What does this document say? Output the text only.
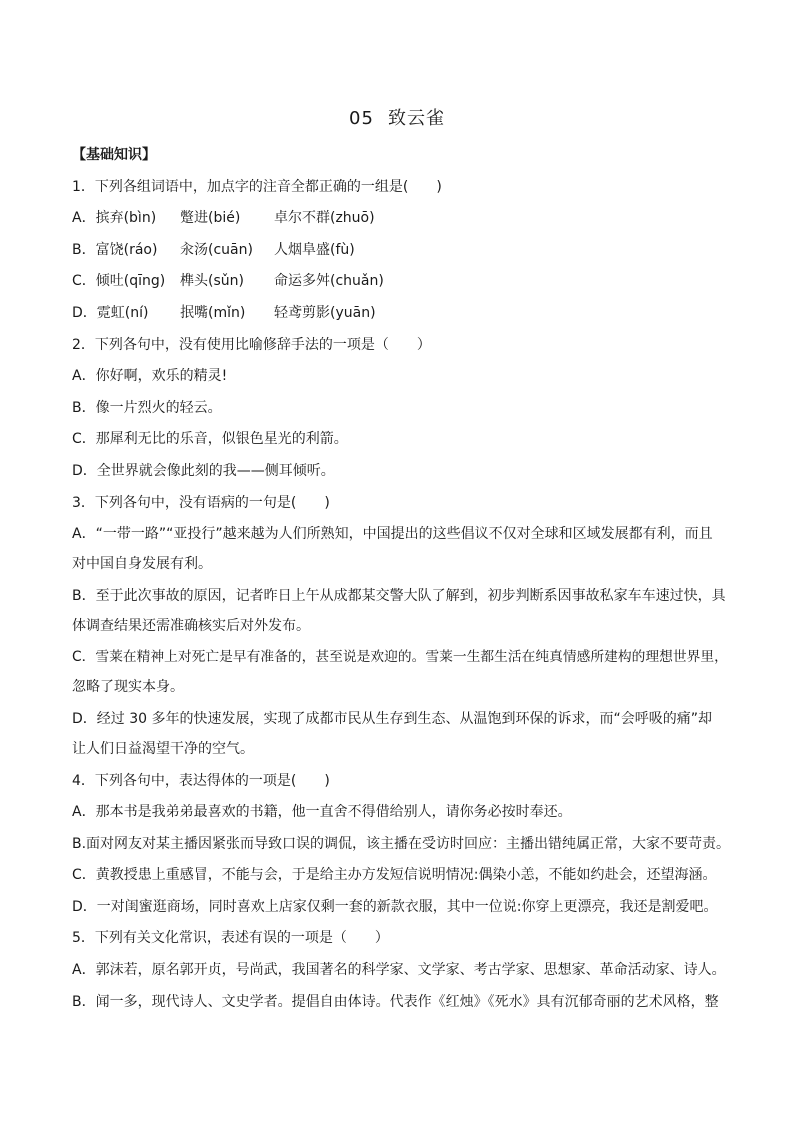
05 致云雀
【基础知识】
1．下列各组词语中，加点字的注音全都正确的一组是(　　)
A．摈弃(bìn) 蹩进(bié) 卓尔不群(zhuō)
B．富饶(ráo) 汆汤(cuān) 人烟阜盛(fù)
C．倾吐(qīng) 榫头(sǔn) 命运多舛(chuǎn)
D．霓虹(ní) 抿嘴(mǐn) 轻鸢剪影(yuān)
2．下列各句中，没有使用比喻修辞手法的一项是（　　）
A．你好啊，欢乐的精灵!
B．像一片烈火的轻云。
C．那犀利无比的乐音，似银色星光的利箭。
D．全世界就会像此刻的我——侧耳倾听。
3．下列各句中，没有语病的一句是(　　)
A．“一带一路”“亚投行”越来越为人们所熟知，中国提出的这些倡议不仅对全球和区域发展都有利，而且
对中国自身发展有利。
B．至于此次事故的原因，记者昨日上午从成都某交警大队了解到，初步判断系因事故私家车车速过快，具
体调查结果还需准确核实后对外发布。
C．雪莱在精神上对死亡是早有准备的，甚至说是欢迎的。雪莱一生都生活在纯真情感所建构的理想世界里，
忽略了现实本身。
D．经过 30 多年的快速发展，实现了成都市民从生存到生态、从温饱到环保的诉求，而“会呼吸的痛”却
让人们日益渴望干净的空气。
4．下列各句中，表达得体的一项是(　　)
A．那本书是我弟弟最喜欢的书籍，他一直舍不得借给别人，请你务必按时奉还。
B.面对网友对某主播因紧张而导致口误的调侃，该主播在受访时回应：主播出错纯属正常，大家不要苛责。
C．黄教授患上重感冒，不能与会，于是给主办方发短信说明情况:偶染小恙，不能如约赴会，还望海涵。
D．一对闺蜜逛商场，同时喜欢上店家仅剩一套的新款衣服，其中一位说:你穿上更漂亮，我还是割爱吧。
5．下列有关文化常识，表述有误的一项是（　　）
A．郭沫若，原名郭开贞，号尚武，我国著名的科学家、文学家、考古学家、思想家、革命活动家、诗人。
B．闻一多，现代诗人、文史学者。提倡自由体诗。代表作《红烛》《死水》具有沉郁奇丽的艺术风格，整
